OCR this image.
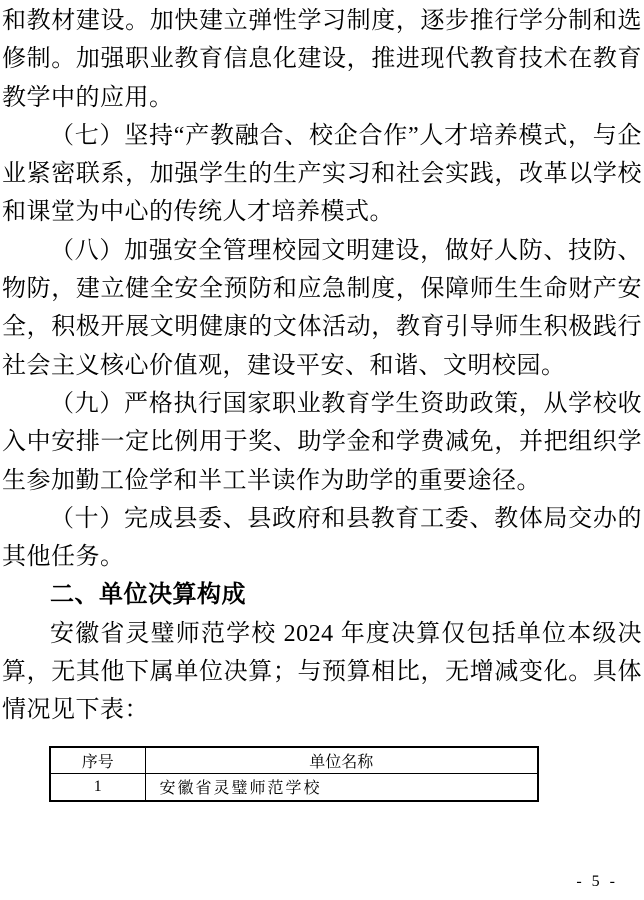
和教材建设。加快建立弹性学习制度，逐步推行学分制和选修制。加强职业教育信息化建设，推进现代教育技术在教育教学中的应用。

（七）坚持“产教融合、校企合作”人才培养模式，与企业紧密联系，加强学生的生产实习和社会实践，改革以学校和课堂为中心的传统人才培养模式。

（八）加强安全管理校园文明建设，做好人防、技防、物防，建立健全安全预防和应急制度，保障师生生命财产安全，积极开展文明健康的文体活动，教育引导师生积极践行社会主义核心价值观，建设平安、和谐、文明校园。

（九）严格执行国家职业教育学生资助政策，从学校收入中安排一定比例用于奖、助学金和学费减免，并把组织学生参加勤工俭学和半工半读作为助学的重要途径。

（十）完成县委、县政府和县教育工委、教体局交办的其他任务。

二、单位决算构成

安徽省灵璧师范学校 2024 年度决算仅包括单位本级决算，无其他下属单位决算；与预算相比，无增减变化。具体情况见下表：

序号	单位名称
1	安徽省灵璧师范学校
- 5 -
